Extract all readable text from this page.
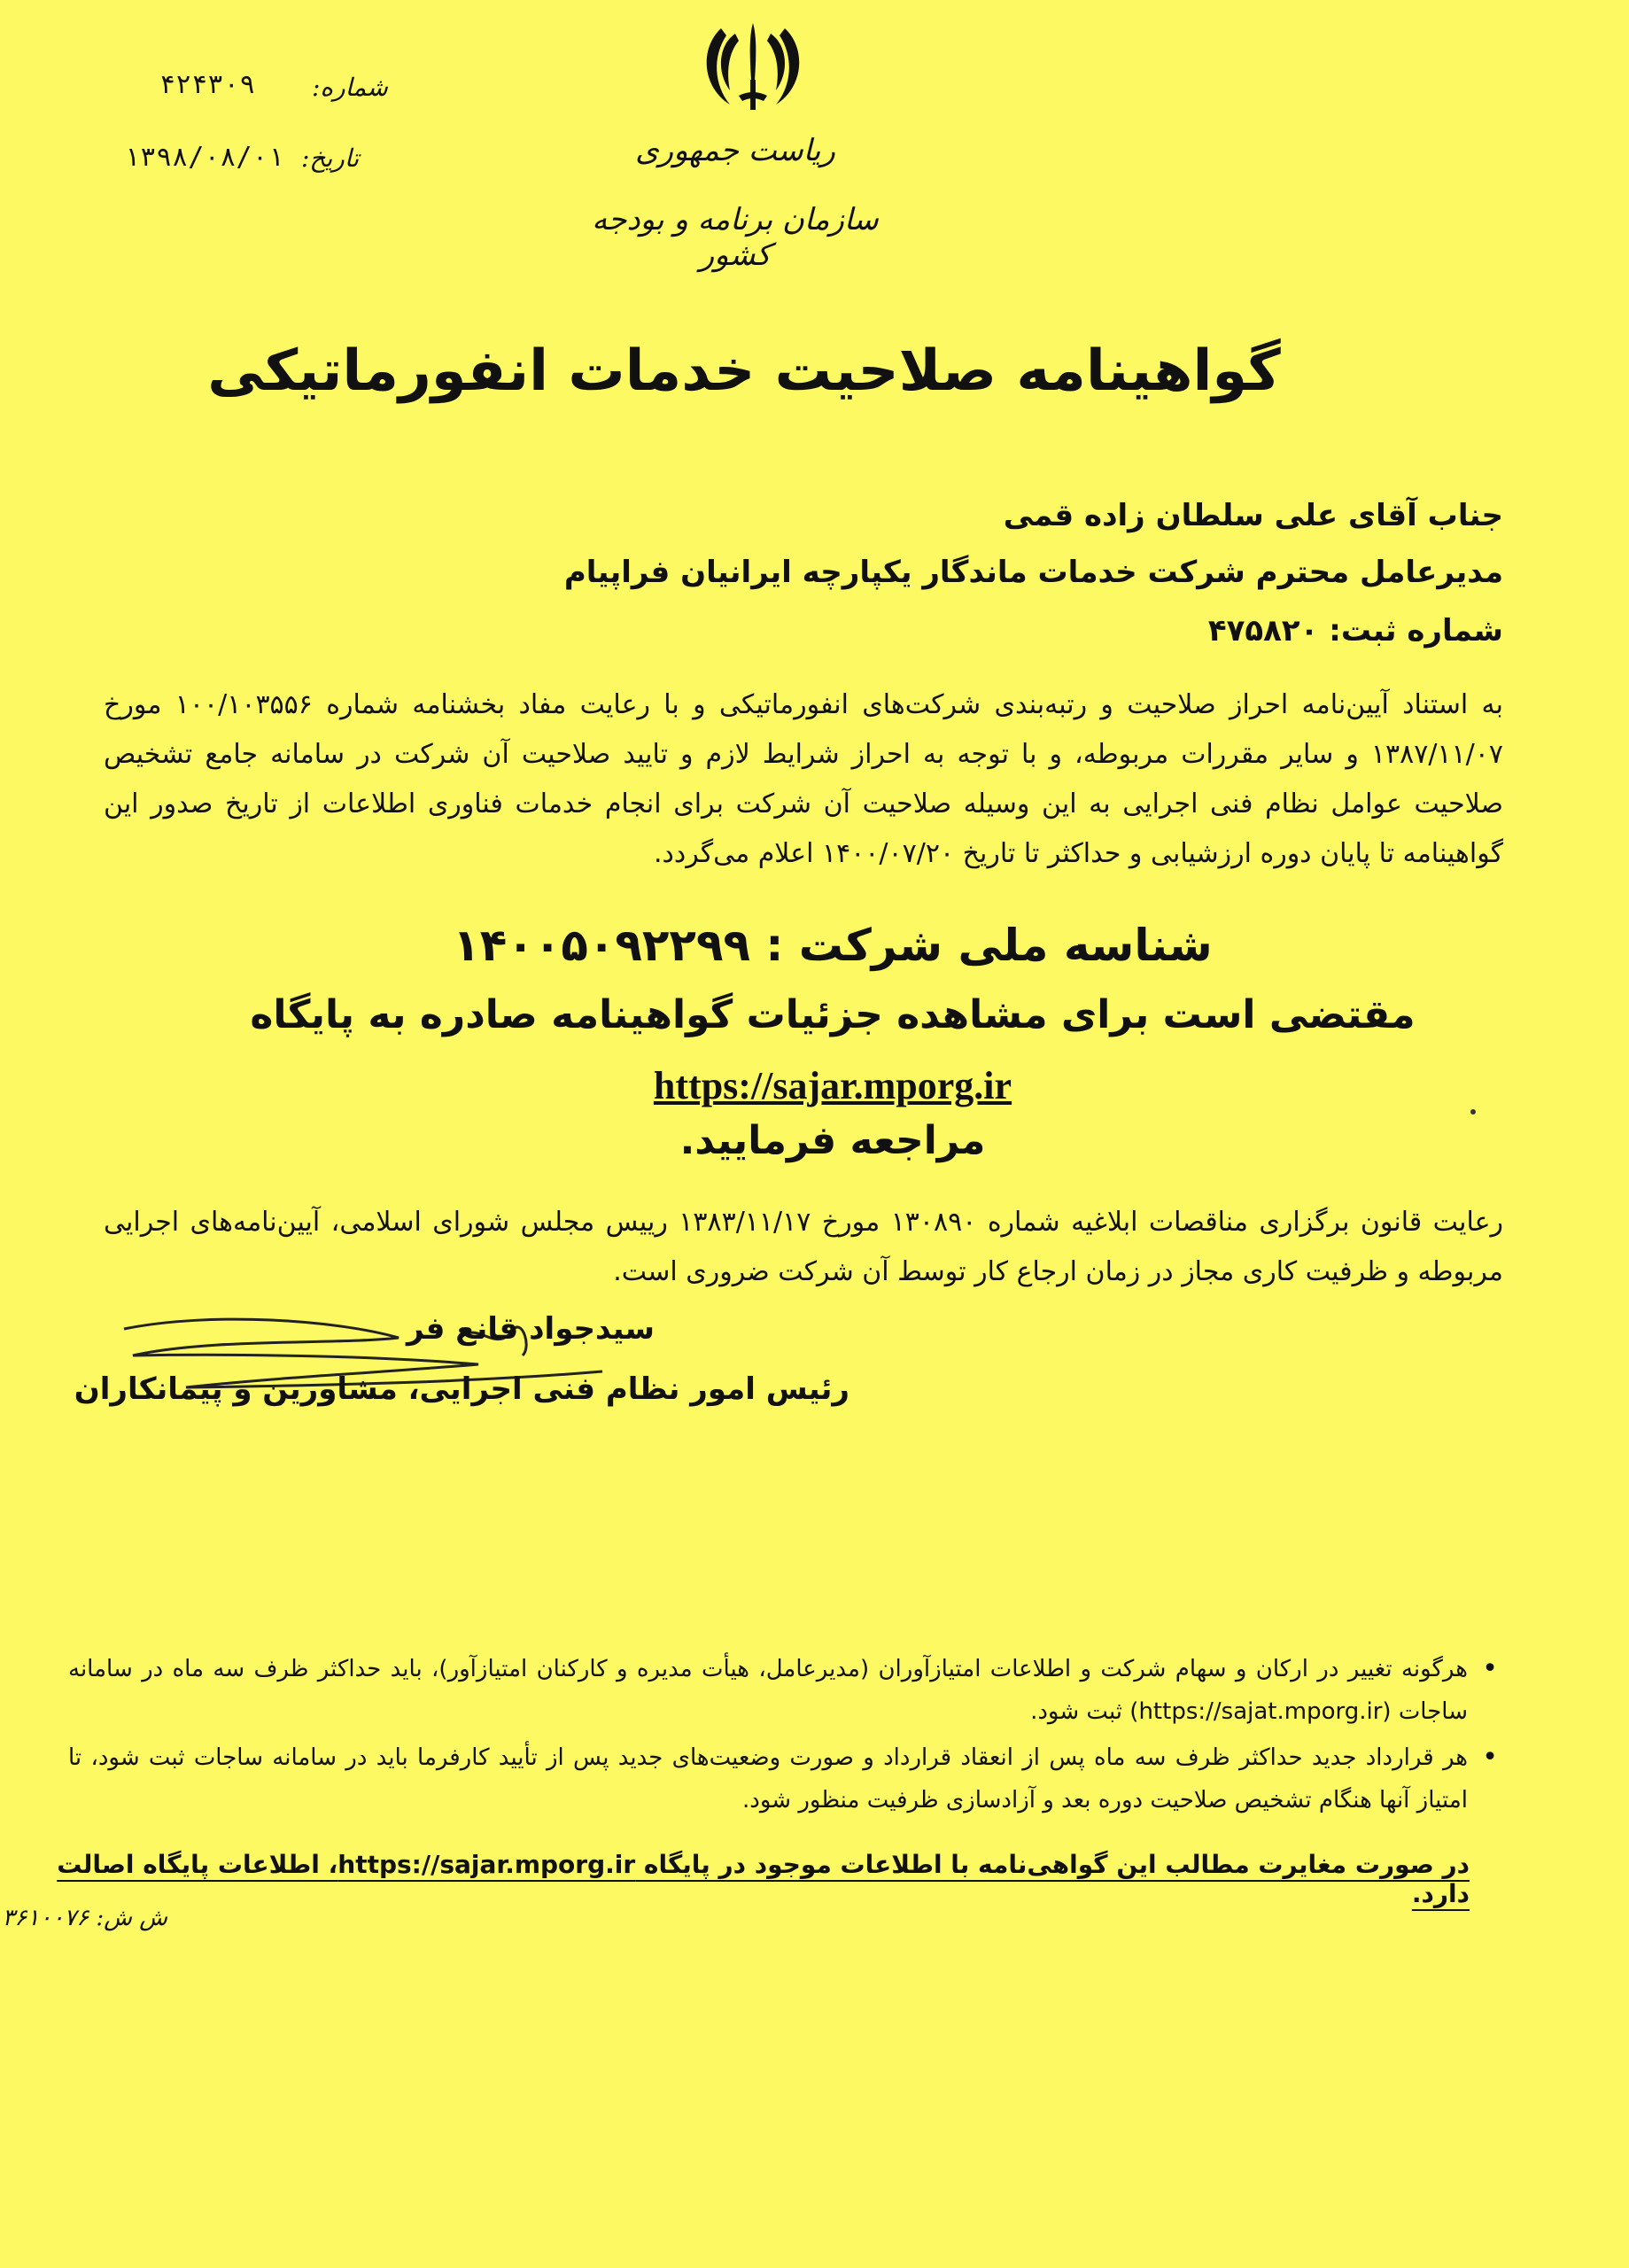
ریاست جمهوری
سازمان برنامه و بودجه کشور
شماره:
۴۲۴۳۰۹
تاریخ:
۱۳۹۸/۰۸/۰۱
گواهینامه صلاحیت خدمات انفورماتیکی
جناب آقای علی سلطان زاده قمی
مدیرعامل محترم شرکت خدمات ماندگار یکپارچه ایرانیان فراپیام
شماره ثبت: ۴۷۵۸۲۰
به استناد آیین‌نامه احراز صلاحیت و رتبه‌بندی شرکت‌های انفورماتیکی و با رعایت مفاد بخشنامه شماره ۱۰۰/۱۰۳۵۵۶ مورخ ۱۳۸۷/۱۱/۰۷ و سایر مقررات مربوطه، و با توجه به احراز شرایط لازم و تایید صلاحیت آن شرکت در سامانه جامع تشخیص صلاحیت عوامل نظام فنی اجرایی به این وسیله صلاحیت آن شرکت برای انجام خدمات فناوری اطلاعات از تاریخ صدور این گواهینامه تا پایان دوره ارزشیابی و حداکثر تا تاریخ ۱۴۰۰/۰۷/۲۰ اعلام می‌گردد.
شناسه ملی شرکت : ۱۴۰۰۵۰۹۲۲۹۹
مقتضی است برای مشاهده جزئیات گواهینامه صادره به پایگاه
https://sajar.mporg.ir
مراجعه فرمایید.
رعایت قانون برگزاری مناقصات ابلاغیه شماره ۱۳۰۸۹۰ مورخ ۱۳۸۳/۱۱/۱۷ رییس مجلس شورای اسلامی، آیین‌نامه‌های اجرایی مربوطه و ظرفیت کاری مجاز در زمان ارجاع کار توسط آن شرکت ضروری است.
سیدجواد قانع فر
رئیس امور نظام فنی اجرایی، مشاورین و پیمانکاران
• هرگونه تغییر در ارکان و سهام شرکت و اطلاعات امتیازآوران (مدیرعامل، هیأت مدیره و کارکنان امتیازآور)، باید حداکثر ظرف سه ماه در سامانه ساجات (https://sajat.mporg.ir) ثبت شود.
• هر قرارداد جدید حداکثر ظرف سه ماه پس از انعقاد قرارداد و صورت وضعیت‌های جدید پس از تأیید کارفرما باید در سامانه ساجات ثبت شود، تا امتیاز آنها هنگام تشخیص صلاحیت دوره بعد و آزادسازی ظرفیت منظور شود.
در صورت مغایرت مطالب این گواهی‌نامه با اطلاعات موجود در پایگاه https://sajar.mporg.ir، اطلاعات پایگاه اصالت دارد.
ش ش: ۳۶۱۰۰۷۶
